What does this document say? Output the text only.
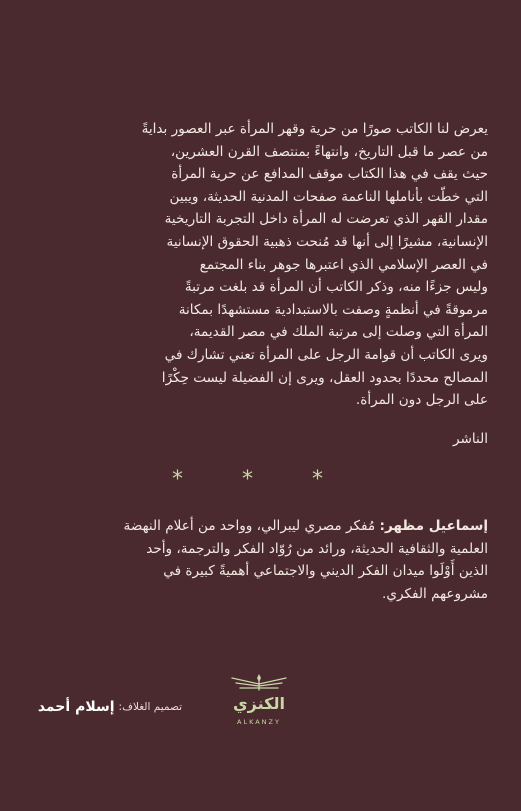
يعرض لنا الكاتب صورًا من حرية وقهر المرأة عبر العصور بدايةً
من عصر ما قبل التاريخ، وانتهاءً بمنتصف القرن العشرين،
حيث يقف في هذا الكتاب موقف المدافع عن حرية المرأة
التي خطّت بأناملها الناعمة صفحات المدنية الحديثة، ويبين
مقدار القهر الذي تعرضت له المرأة داخل التجربة التاريخية
الإنسانية، مشيرًا إلى أنها قد مُنحت ذهبية الحقوق الإنسانية
في العصر الإسلامي الذي اعتبرها جوهر بناء المجتمع
وليس جزءًا منه، وذكر الكاتب أن المرأة قد بلغت مرتبةً
مرموقةً في أنظمةٍ وصفت بالاستبدادية مستشهدًا بمكانة
المرأة التي وصلت إلى مرتبة الملك في مصر القديمة،
ويرى الكاتب أن قوامة الرجل على المرأة تعني تشارك في
المصالح محددًا بحدود العقل، ويرى إن الفضيلة ليست حِكْرًا
على الرجل دون المرأة.
الناشر
* * *
إسماعيل مظهر: مُفكر مصري ليبرالي، وواحد من أعلام النهضة
العلمية والثقافية الحديثة، ورائد من رُوّاد الفكر والترجمة، وأحد
الذين أَوْلَوا ميدان الفكر الديني والاجتماعي أهميةً كبيرة في
مشروعهم الفكري.
الكنزي
ALKANZY
تصميم الغلاف:
إسلام أحمد
